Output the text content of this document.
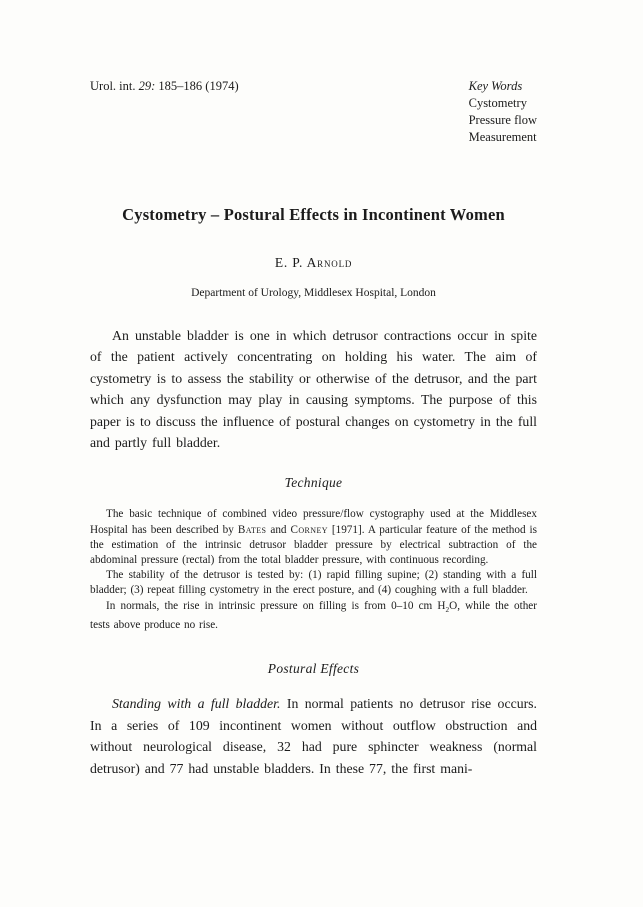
Urol. int. 29: 185–186 (1974)	Key Words
Cystometry
Pressure flow
Measurement
Cystometry – Postural Effects in Incontinent Women
E. P. Arnold
Department of Urology, Middlesex Hospital, London

An unstable bladder is one in which detrusor contractions occur in spite of the patient actively concentrating on holding his water. The aim of cystometry is to assess the stability or otherwise of the detrusor, and the part which any dysfunction may play in causing symptoms. The purpose of this paper is to discuss the influence of postural changes on cystometry in the full and partly full bladder.

Technique

The basic technique of combined video pressure/flow cystography used at the Middlesex Hospital has been described by Bates and Corney [1971]. A particular feature of the method is the estimation of the intrinsic detrusor bladder pressure by electrical subtraction of the abdominal pressure (rectal) from the total bladder pressure, with continuous recording.

The stability of the detrusor is tested by: (1) rapid filling supine; (2) standing with a full bladder; (3) repeat filling cystometry in the erect posture, and (4) coughing with a full bladder.

In normals, the rise in intrinsic pressure on filling is from 0–10 cm $H_2O$, while the other tests above produce no rise.

Postural Effects

Standing with a full bladder. In normal patients no detrusor rise occurs. In a series of 109 incontinent women without outflow obstruction and without neurological disease, 32 had pure sphincter weakness (normal detrusor) and 77 had unstable bladders. In these 77, the first mani-
